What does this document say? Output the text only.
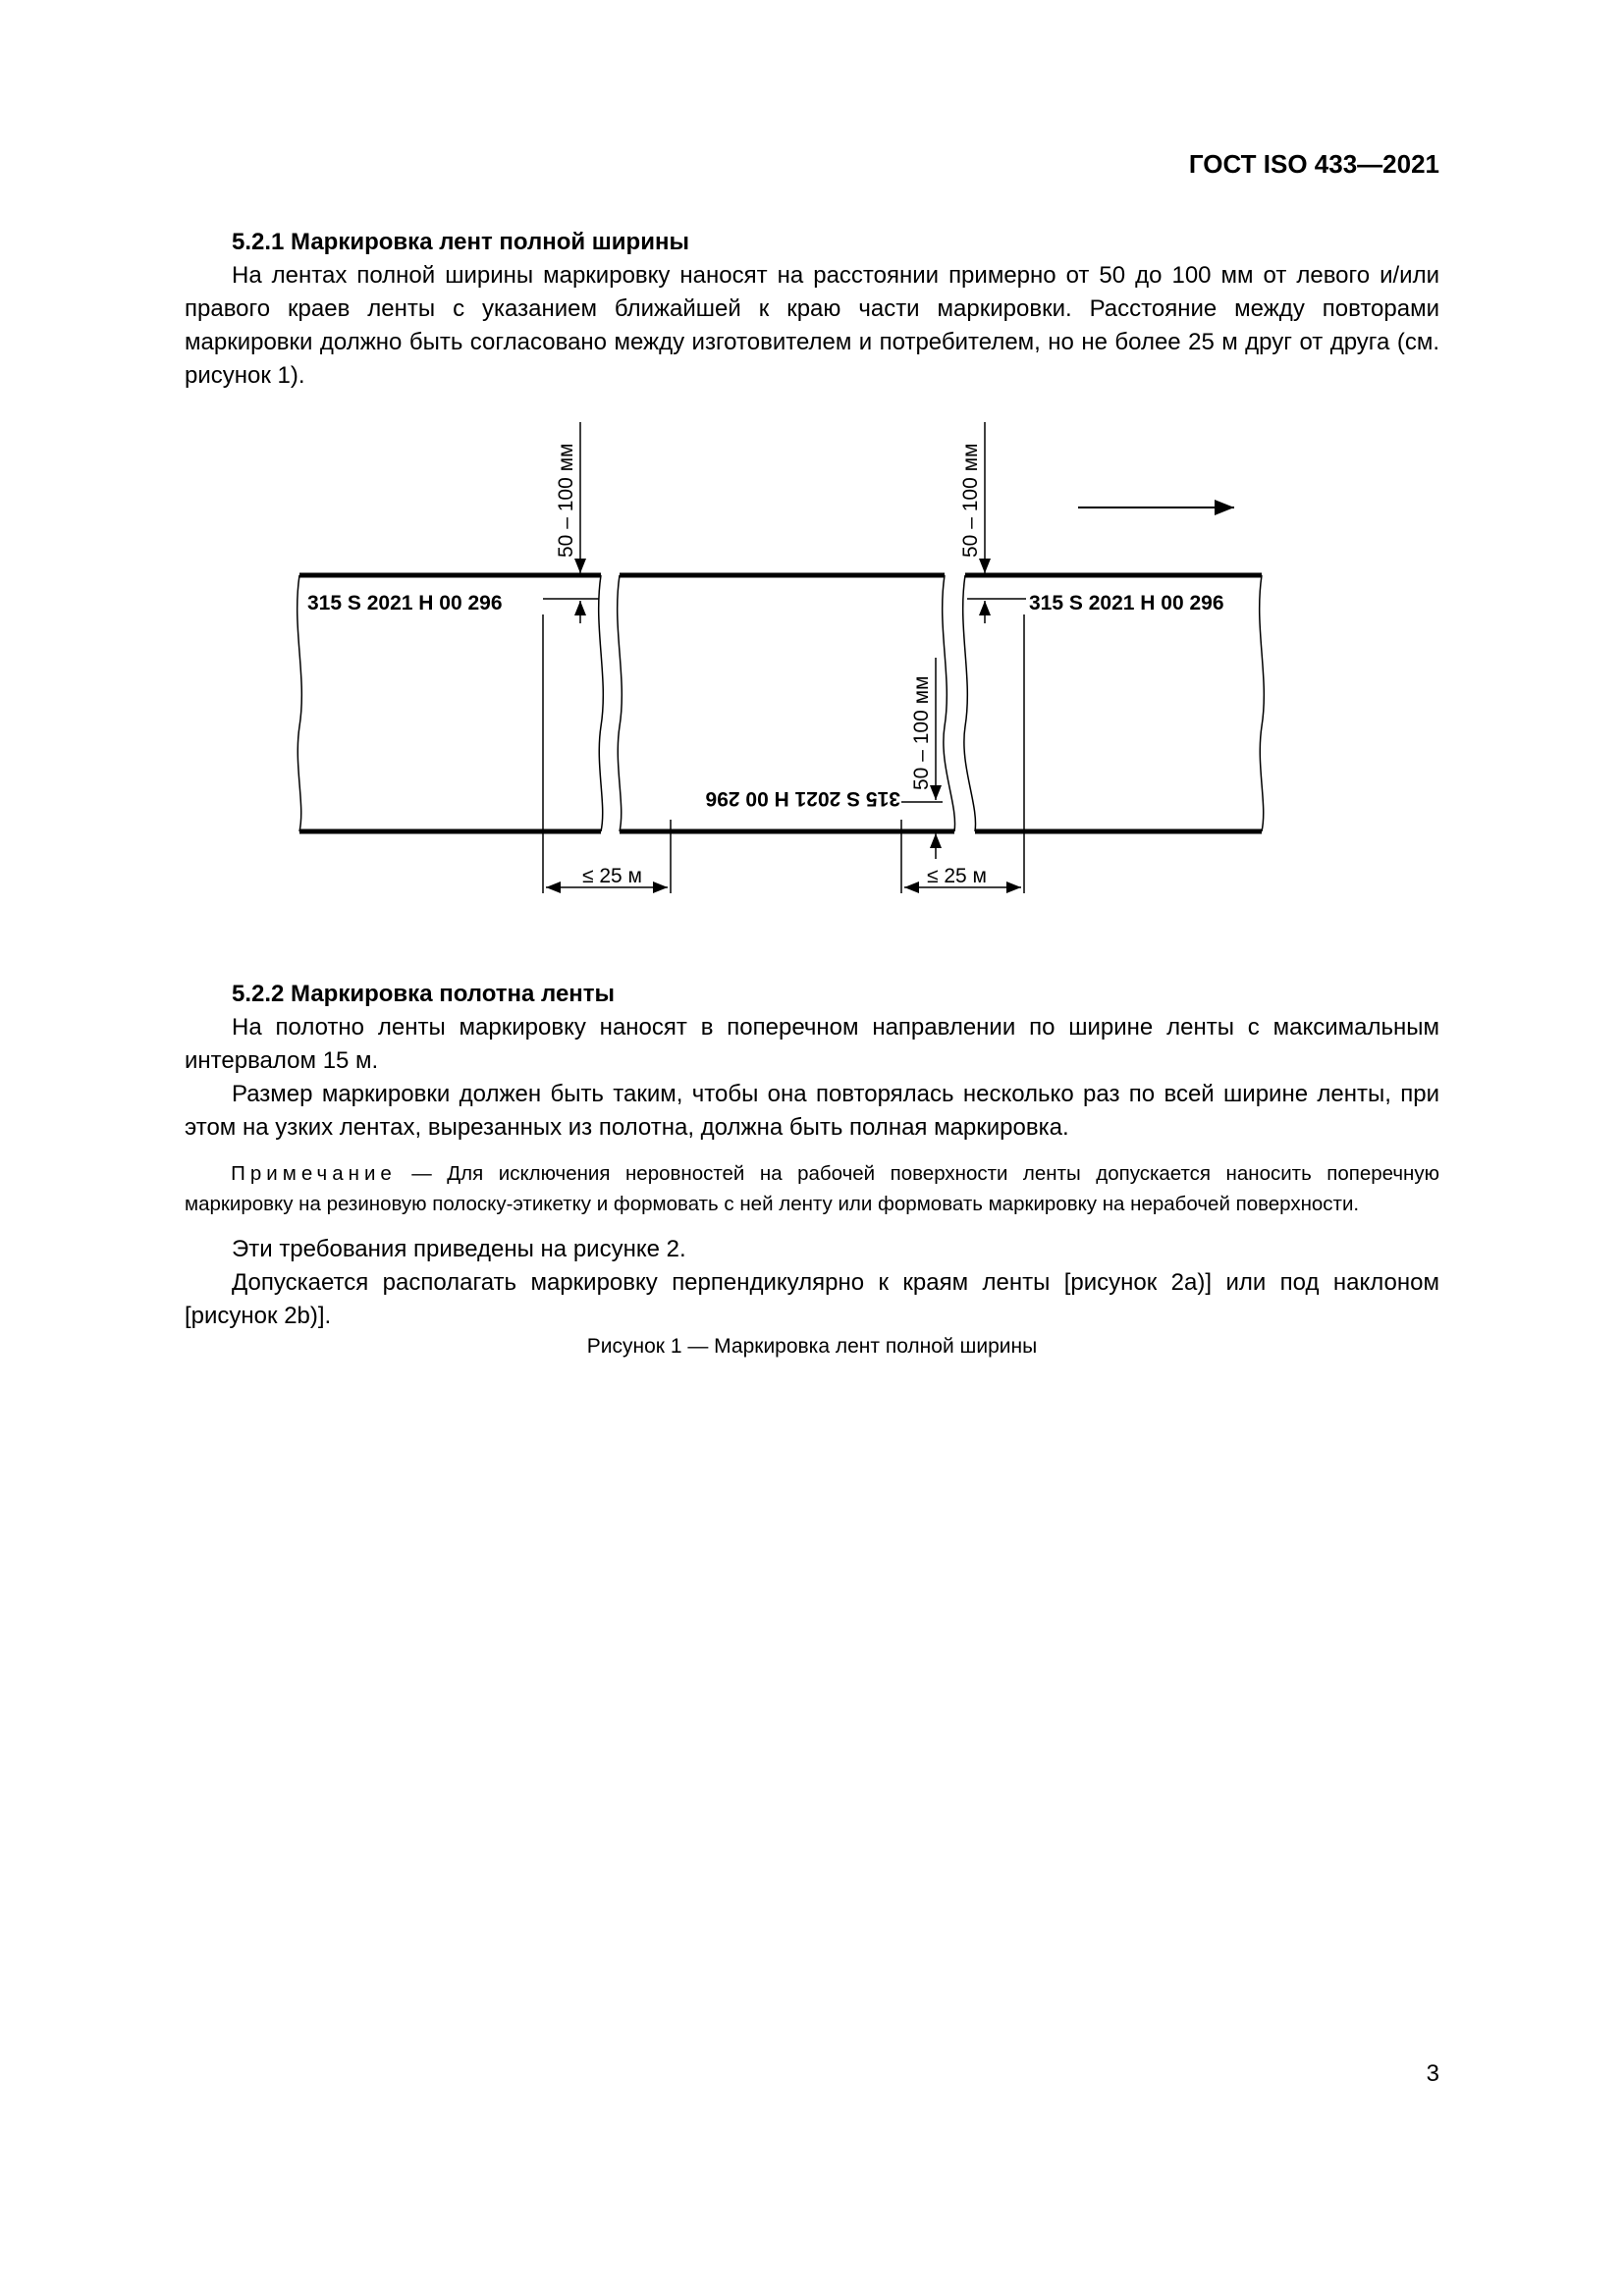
ГОСТ ISO 433—2021

5.2.1 Маркировка лент полной ширины

На лентах полной ширины маркировку наносят на расстоянии примерно от 50 до 100 мм от левого и/или правого краев ленты с указанием ближайшей к краю части маркировки. Расстояние между повторами маркировки должно быть согласовано между изготовителем и потребителем, но не более 25 м друг от друга (см. рисунок 1).

315 S 2021 H 00 296
50 – 100 мм
315 S 2021 H 00 296
50 – 100 мм
315 S 2021 H 00 296
50 – 100 мм
≤ 25 м	≤ 25 м
Рисунок 1 — Маркировка лент полной ширины

5.2.2 Маркировка полотна ленты

На полотно ленты маркировку наносят в поперечном направлении по ширине ленты с максимальным интервалом 15 м.

Размер маркировки должен быть таким, чтобы она повторялась несколько раз по всей ширине ленты, при этом на узких лентах, вырезанных из полотна, должна быть полная маркировка.

Примечание — Для исключения неровностей на рабочей поверхности ленты допускается наносить поперечную маркировку на резиновую полоску-этикетку и формовать с ней ленту или формовать маркировку на нерабочей поверхности.

Эти требования приведены на рисунке 2.

Допускается располагать маркировку перпендикулярно к краям ленты [рисунок 2a)] или под наклоном [рисунок 2b)].

3
